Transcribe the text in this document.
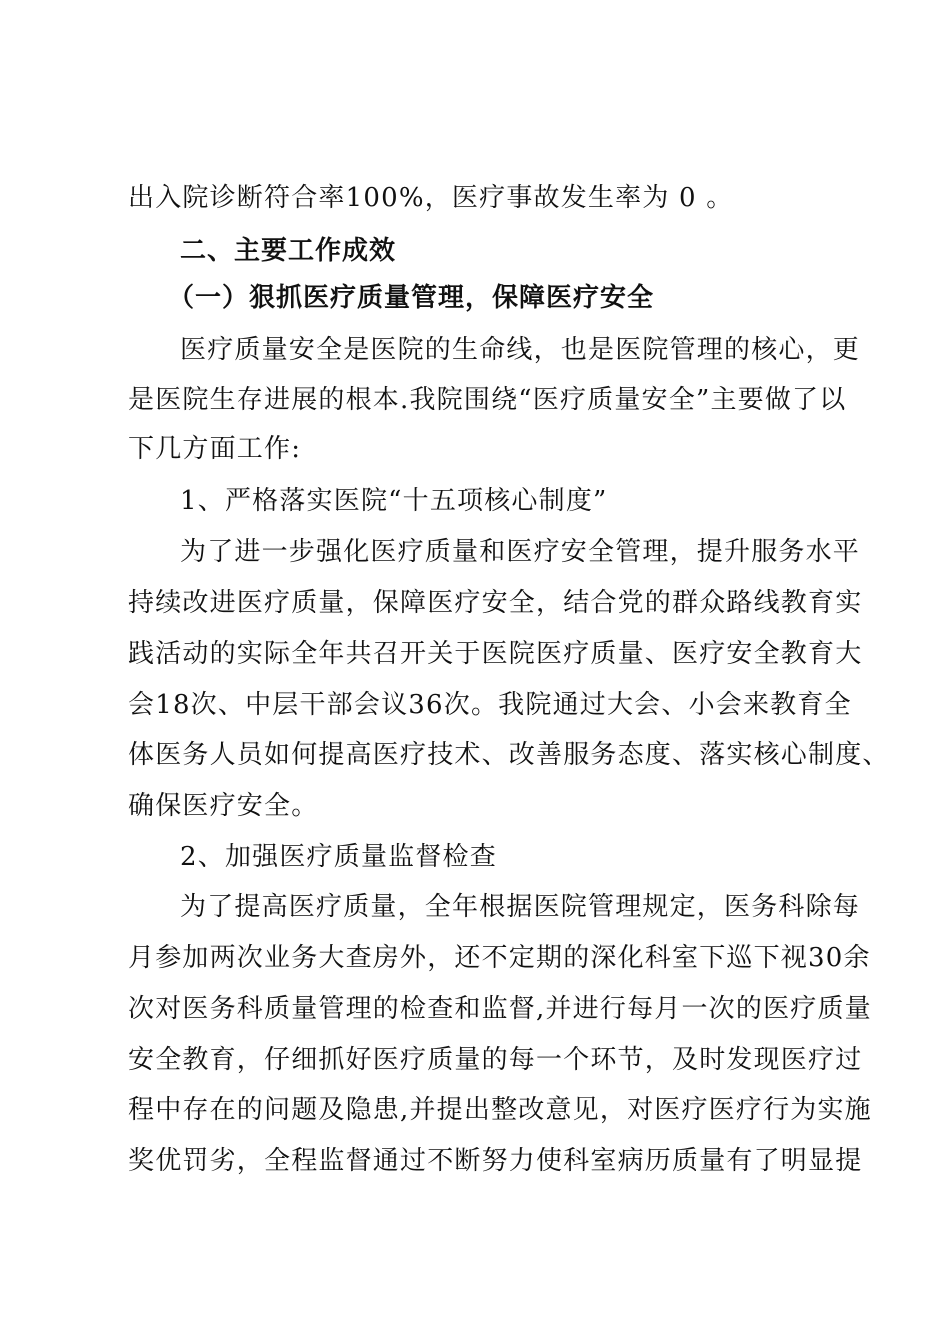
出入院诊断符合率100%，医疗事故发生率为 0 。
二、主要工作成效
（一）狠抓医疗质量管理，保障医疗安全
医疗质量安全是医院的生命线，也是医院管理的核心，更
是医院生存进展的根本.我院围绕“医疗质量安全”主要做了以
下几方面工作:
1、严格落实医院“十五项核心制度”
为了进一步强化医疗质量和医疗安全管理，提升服务水平
持续改进医疗质量，保障医疗安全，结合党的群众路线教育实
践活动的实际全年共召开关于医院医疗质量、医疗安全教育大
会18次、中层干部会议36次。我院通过大会、小会来教育全
体医务人员如何提高医疗技术、改善服务态度、落实核心制度、
确保医疗安全。
2、加强医疗质量监督检查
为了提高医疗质量，全年根据医院管理规定，医务科除每
月参加两次业务大查房外，还不定期的深化科室下巡下视30余
次对医务科质量管理的检查和监督,并进行每月一次的医疗质量
安全教育，仔细抓好医疗质量的每一个环节，及时发现医疗过
程中存在的问题及隐患,并提出整改意见，对医疗医疗行为实施
奖优罚劣，全程监督通过不断努力使科室病历质量有了明显提
